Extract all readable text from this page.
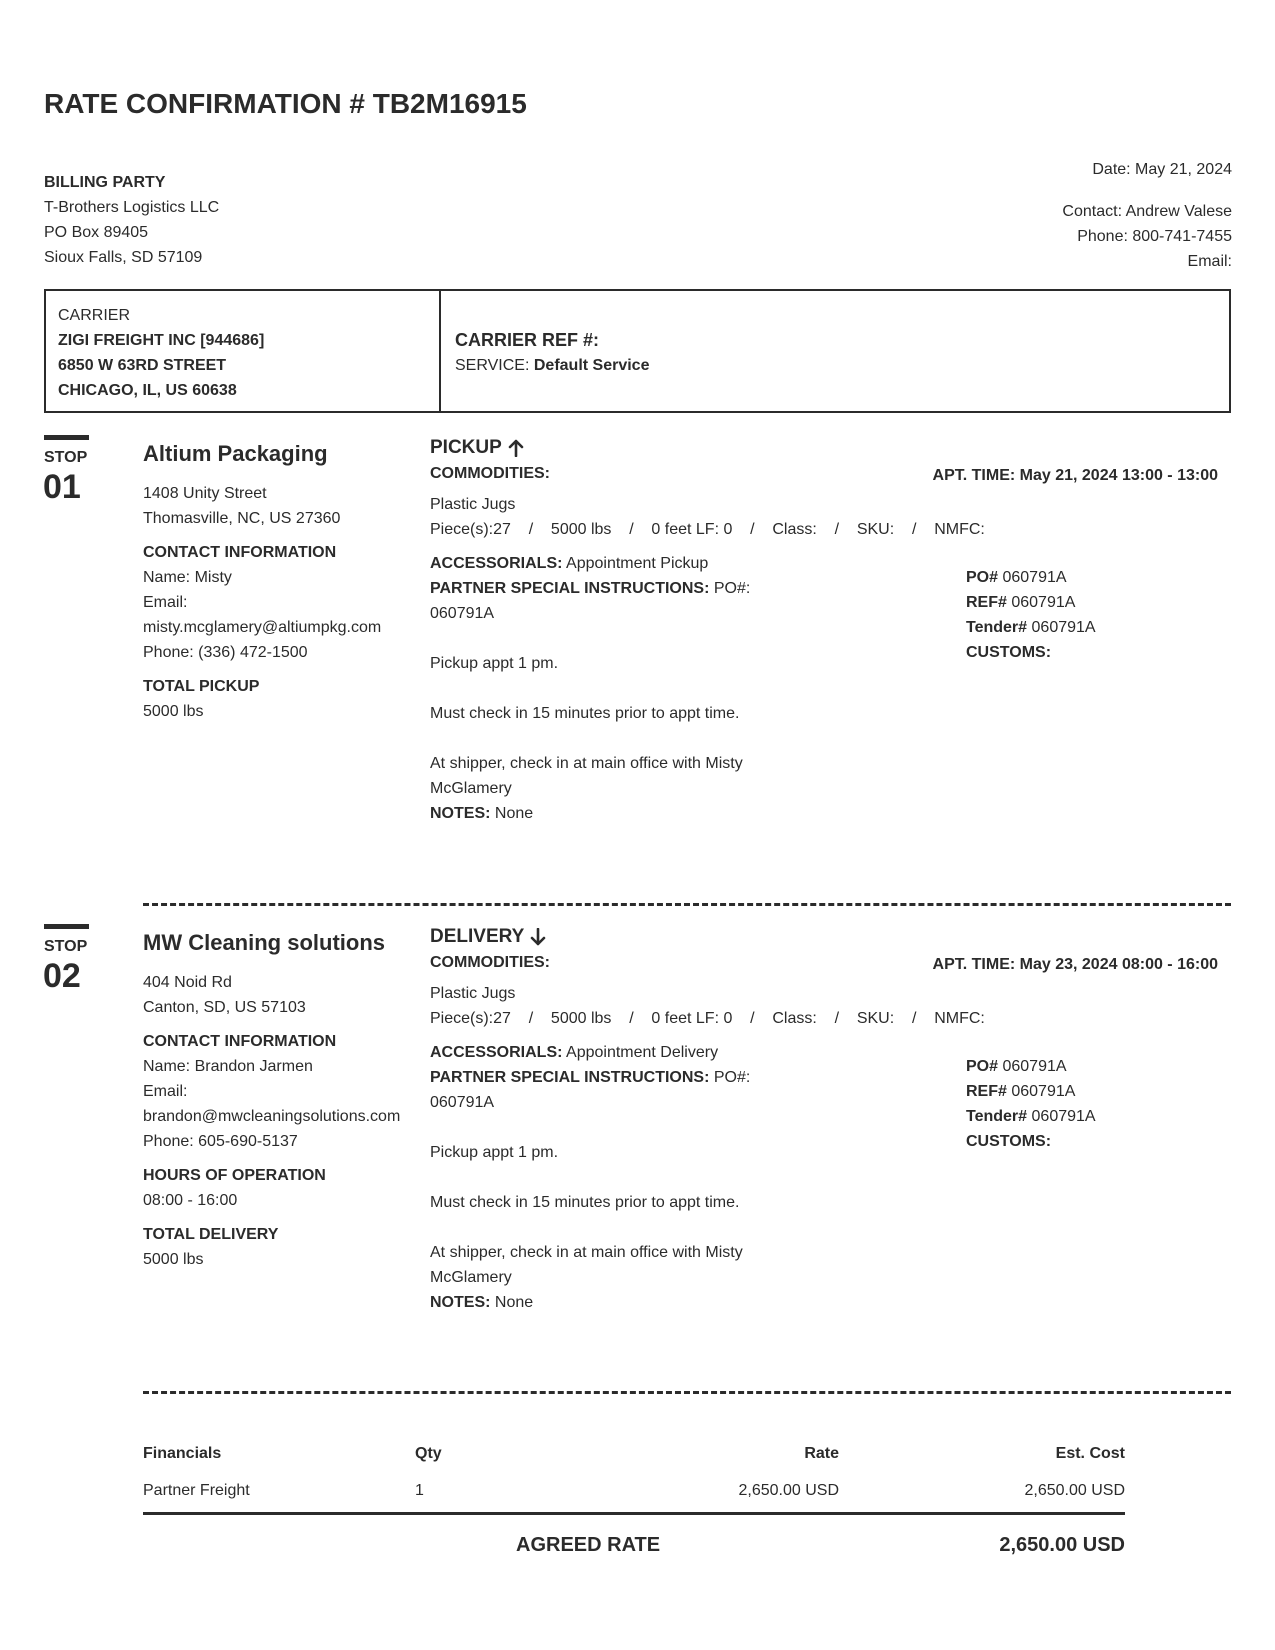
RATE CONFIRMATION # TB2M16915
BILLING PARTY
T-Brothers Logistics LLC
PO Box 89405
Sioux Falls, SD 57109
Date: May 21, 2024
Contact: Andrew Valese
Phone: 800-741-7455
Email:
CARRIER
ZIGI FREIGHT INC [944686]
6850 W 63RD STREET
CHICAGO, IL, US 60638
CARRIER REF #:
SERVICE: Default Service
STOP
01
Altium Packaging
1408 Unity Street
Thomasville, NC, US 27360
CONTACT INFORMATION
Name: Misty
Email:
misty.mcglamery@altiumpkg.com
Phone: (336) 472-1500
TOTAL PICKUP
5000 lbs
PICKUP
COMMODITIES:
Plastic Jugs
Piece(s):27    /    5000 lbs    /    0 feet LF: 0    /    Class:    /    SKU:    /    NMFC:
ACCESSORIALS: Appointment Pickup
PARTNER SPECIAL INSTRUCTIONS: PO#:
060791A
Pickup appt 1 pm.
Must check in 15 minutes prior to appt time.
At shipper, check in at main office with Misty
McGlamery
NOTES: None
APT. TIME: May 21, 2024 13:00 - 13:00
PO# 060791A
REF# 060791A
Tender# 060791A
CUSTOMS:
STOP
02
MW Cleaning solutions
404 Noid Rd
Canton, SD, US 57103
CONTACT INFORMATION
Name: Brandon Jarmen
Email:
brandon@mwcleaningsolutions.com
Phone: 605-690-5137
HOURS OF OPERATION
08:00 - 16:00
TOTAL DELIVERY
5000 lbs
DELIVERY
COMMODITIES:
Plastic Jugs
Piece(s):27    /    5000 lbs    /    0 feet LF: 0    /    Class:    /    SKU:    /    NMFC:
ACCESSORIALS: Appointment Delivery
PARTNER SPECIAL INSTRUCTIONS: PO#:
060791A
Pickup appt 1 pm.
Must check in 15 minutes prior to appt time.
At shipper, check in at main office with Misty
McGlamery
NOTES: None
APT. TIME: May 23, 2024 08:00 - 16:00
PO# 060791A
REF# 060791A
Tender# 060791A
CUSTOMS:
Financials	Qty	Rate	Est. Cost
Partner Freight	1	2,650.00 USD	2,650.00 USD
AGREED RATE	2,650.00 USD
